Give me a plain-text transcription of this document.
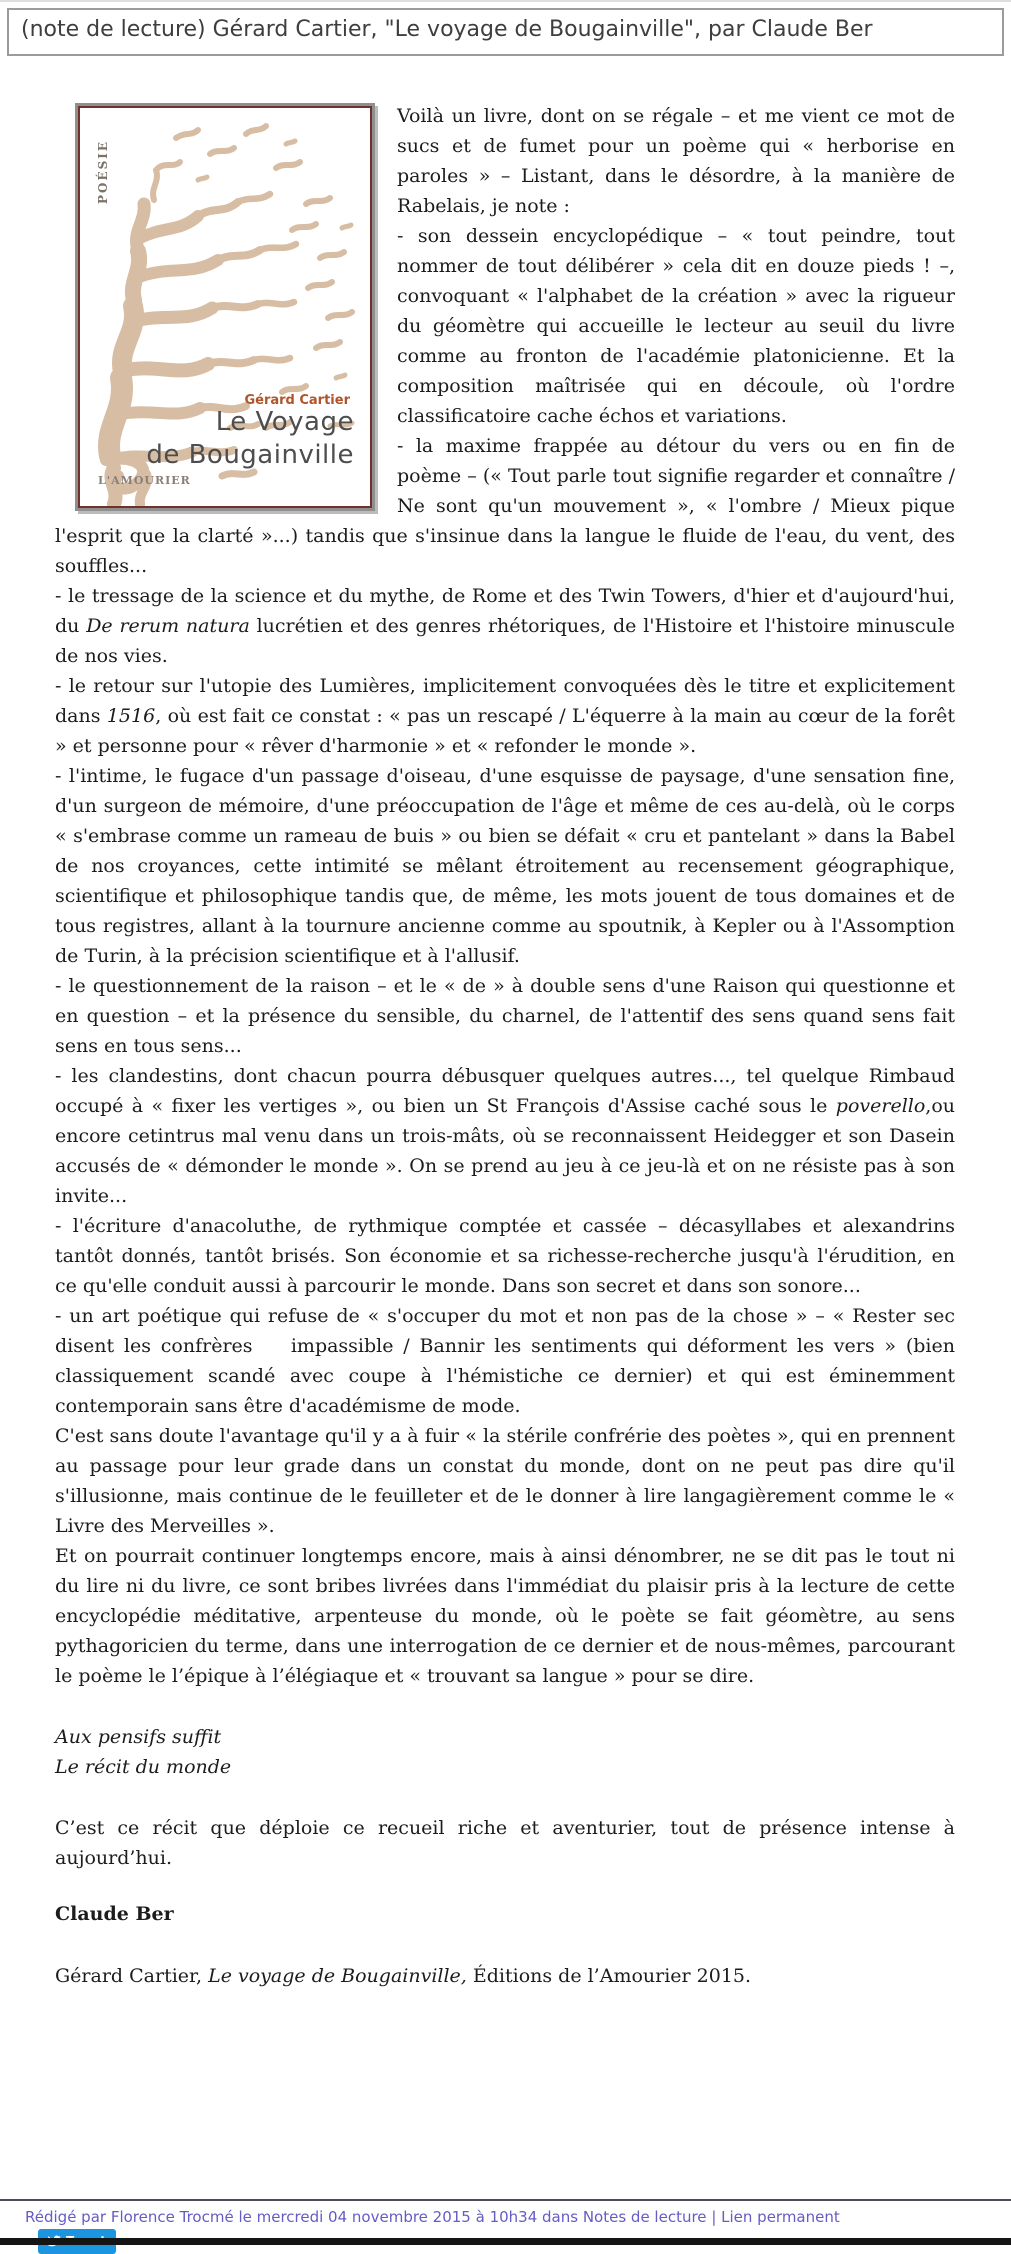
(note de lecture) Gérard Cartier, "Le voyage de Bougainville", par Claude Ber
POÉSIE
Gérard Cartier
Le Voyage
de Bougainville
L'AMOURIER

Voilà un livre, dont on se régale – et me vient ce mot de sucs et de fumet pour un poème qui « herborise en paroles » – Listant, dans le désordre, à la manière de Rabelais, je note :

- son dessein encyclopédique – « tout peindre, tout nommer de tout délibérer » cela dit en douze pieds ! –, convoquant « l'alphabet de la création » avec la rigueur du géomètre qui accueille le lecteur au seuil du livre comme au fronton de l'académie platonicienne. Et la composition maîtrisée qui en découle, où l'ordre classificatoire cache échos et variations.

- la maxime frappée au détour du vers ou en fin de poème – (« Tout parle tout signifie regarder et connaître / Ne sont qu'un mouvement », « l'ombre / Mieux pique l'esprit que la clarté »...) tandis que s'insinue dans la langue le fluide de l'eau, du vent, des souffles...

- le tressage de la science et du mythe, de Rome et des Twin Towers, d'hier et d'aujourd'hui, du De rerum natura lucrétien et des genres rhétoriques, de l'Histoire et l'histoire minuscule de nos vies.

- le retour sur l'utopie des Lumières, implicitement convoquées dès le titre et explicitement dans 1516, où est fait ce constat : « pas un rescapé / L'équerre à la main au cœur de la forêt » et personne pour « rêver d'harmonie » et « refonder le monde ».

- l'intime, le fugace d'un passage d'oiseau, d'une esquisse de paysage, d'une sensation fine, d'un surgeon de mémoire, d'une préoccupation de l'âge et même de ces au-delà, où le corps « s'embrase comme un rameau de buis » ou bien se défait « cru et pantelant » dans la Babel de nos croyances, cette intimité se mêlant étroitement au recensement géographique, scientifique et philosophique tandis que, de même, les mots jouent de tous domaines et de tous registres, allant à la tournure ancienne comme au spoutnik, à Kepler ou à l'Assomption de Turin, à la précision scientifique et à l'allusif.

- le questionnement de la raison – et le « de » à double sens d'une Raison qui questionne et en question – et la présence du sensible, du charnel, de l'attentif des sens quand sens fait sens en tous sens...

- les clandestins, dont chacun pourra débusquer quelques autres..., tel quelque Rimbaud occupé à « fixer les vertiges », ou bien un St François d'Assise caché sous le poverello,ou encore cetintrus mal venu dans un trois-mâts, où se reconnaissent Heidegger et son Dasein accusés de « démonder le monde ». On se prend au jeu à ce jeu-là et on ne résiste pas à son invite...

- l'écriture d'anacoluthe, de rythmique comptée et cassée – décasyllabes et alexandrins tantôt donnés, tantôt brisés. Son économie et sa richesse-recherche jusqu'à l'érudition, en ce qu'elle conduit aussi à parcourir le monde. Dans son secret et dans son sonore...

- un art poétique qui refuse de « s'occuper du mot et non pas de la chose » – « Rester sec disent les confrères   impassible / Bannir les sentiments qui déforment les vers » (bien classiquement scandé avec coupe à l'hémistiche ce dernier) et qui est éminemment contemporain sans être d'académisme de mode.

C'est sans doute l'avantage qu'il y a à fuir « la stérile confrérie des poètes », qui en prennent au passage pour leur grade dans un constat du monde, dont on ne peut pas dire qu'il s'illusionne, mais continue de le feuilleter et de le donner à lire langagièrement comme le « Livre des Merveilles ».

Et on pourrait continuer longtemps encore, mais à ainsi dénombrer, ne se dit pas le tout ni du lire ni du livre, ce sont bribes livrées dans l'immédiat du plaisir pris à la lecture de cette encyclopédie méditative, arpenteuse du monde, où le poète se fait géomètre, au sens pythagoricien du terme, dans une interrogation de ce dernier et de nous-mêmes, parcourant le poème le l’épique à l’élégiaque et « trouvant sa langue » pour se dire.

Aux pensifs suffit

Le récit du monde

C’est ce récit que déploie ce recueil riche et aventurier, tout de présence intense à aujourd’hui.

Claude Ber

Gérard Cartier, Le voyage de Bougainville, Éditions de l’Amourier 2015.

Rédigé par Florence Trocmé le mercredi 04 novembre 2015 à 10h34 dans Notes de lecture | Lien permanent
